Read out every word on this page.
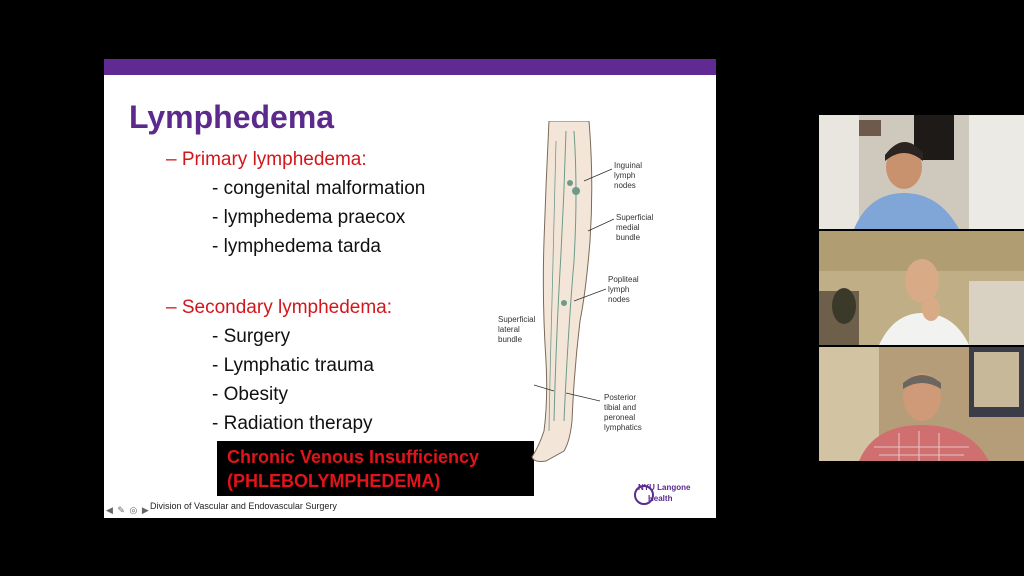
Lymphedema
– Primary lymphedema:
- congenital malformation
- lymphedema praecox
- lymphedema tarda
– Secondary lymphedema:
- Surgery
- Lymphatic trauma
- Obesity
- Radiation therapy
Chronic Venous Insufficiency
(PHLEBOLYMPHEDEMA)
Inguinal
lymph
nodes
Superficial
medial
bundle
Popliteal
lymph
nodes
Superficial
lateral
bundle
Posterior
tibial and
peroneal
lymphatics
NYU Langone
Health
◀ ✎ ◎ ▶ Division of Vascular and Endovascular Surgery
